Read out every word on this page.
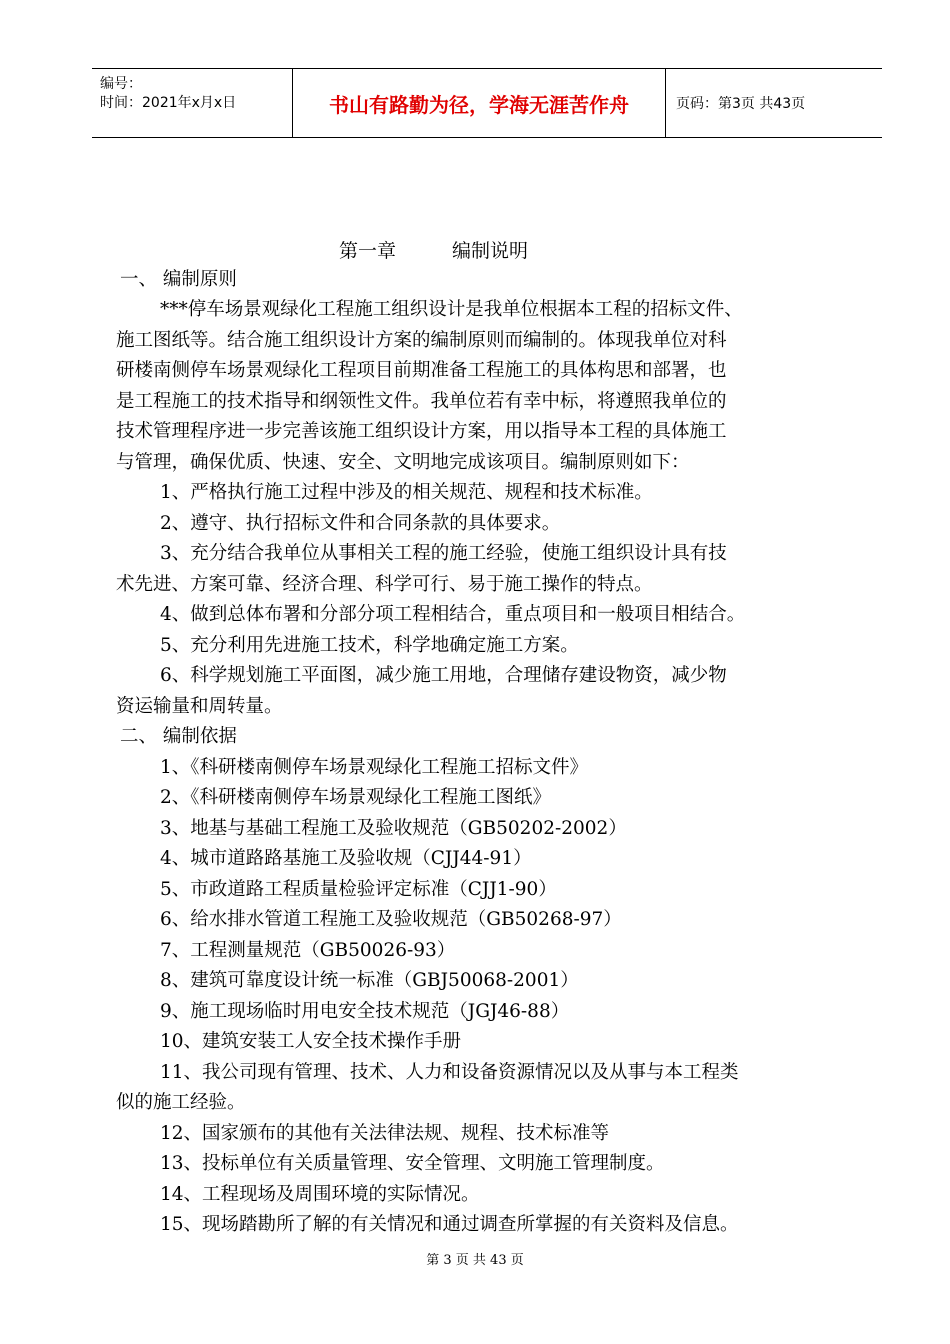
编号：
时间：2021年x月x日	书山有路勤为径，学海无涯苦作舟	页码：第3页 共43页
第一章	编制说明
一、 编制原则
***停车场景观绿化工程施工组织设计是我单位根据本工程的招标文件、
施工图纸等。结合施工组织设计方案的编制原则而编制的。体现我单位对科
研楼南侧停车场景观绿化工程项目前期准备工程施工的具体构思和部署，也
是工程施工的技术指导和纲领性文件。我单位若有幸中标，将遵照我单位的
技术管理程序进一步完善该施工组织设计方案，用以指导本工程的具体施工
与管理，确保优质、快速、安全、文明地完成该项目。编制原则如下：
1、严格执行施工过程中涉及的相关规范、规程和技术标准。
2、遵守、执行招标文件和合同条款的具体要求。
3、充分结合我单位从事相关工程的施工经验，使施工组织设计具有技
术先进、方案可靠、经济合理、科学可行、易于施工操作的特点。
4、做到总体布署和分部分项工程相结合，重点项目和一般项目相结合。
5、充分利用先进施工技术，科学地确定施工方案。
6、科学规划施工平面图，减少施工用地，合理储存建设物资，减少物
资运输量和周转量。
二、 编制依据
1、《科研楼南侧停车场景观绿化工程施工招标文件》
2、《科研楼南侧停车场景观绿化工程施工图纸》
3、地基与基础工程施工及验收规范（GB50202-2002）
4、城市道路路基施工及验收规（CJJ44-91）
5、市政道路工程质量检验评定标准（CJJ1-90）
6、给水排水管道工程施工及验收规范（GB50268-97）
7、工程测量规范（GB50026-93）
8、建筑可靠度设计统一标准（GBJ50068-2001）
9、施工现场临时用电安全技术规范（JGJ46-88）
10、建筑安装工人安全技术操作手册
11、我公司现有管理、技术、人力和设备资源情况以及从事与本工程类
似的施工经验。
12、国家颁布的其他有关法律法规、规程、技术标准等
13、投标单位有关质量管理、安全管理、文明施工管理制度。
14、工程现场及周围环境的实际情况。
15、现场踏勘所了解的有关情况和通过调查所掌握的有关资料及信息。
第 3 页 共 43 页
